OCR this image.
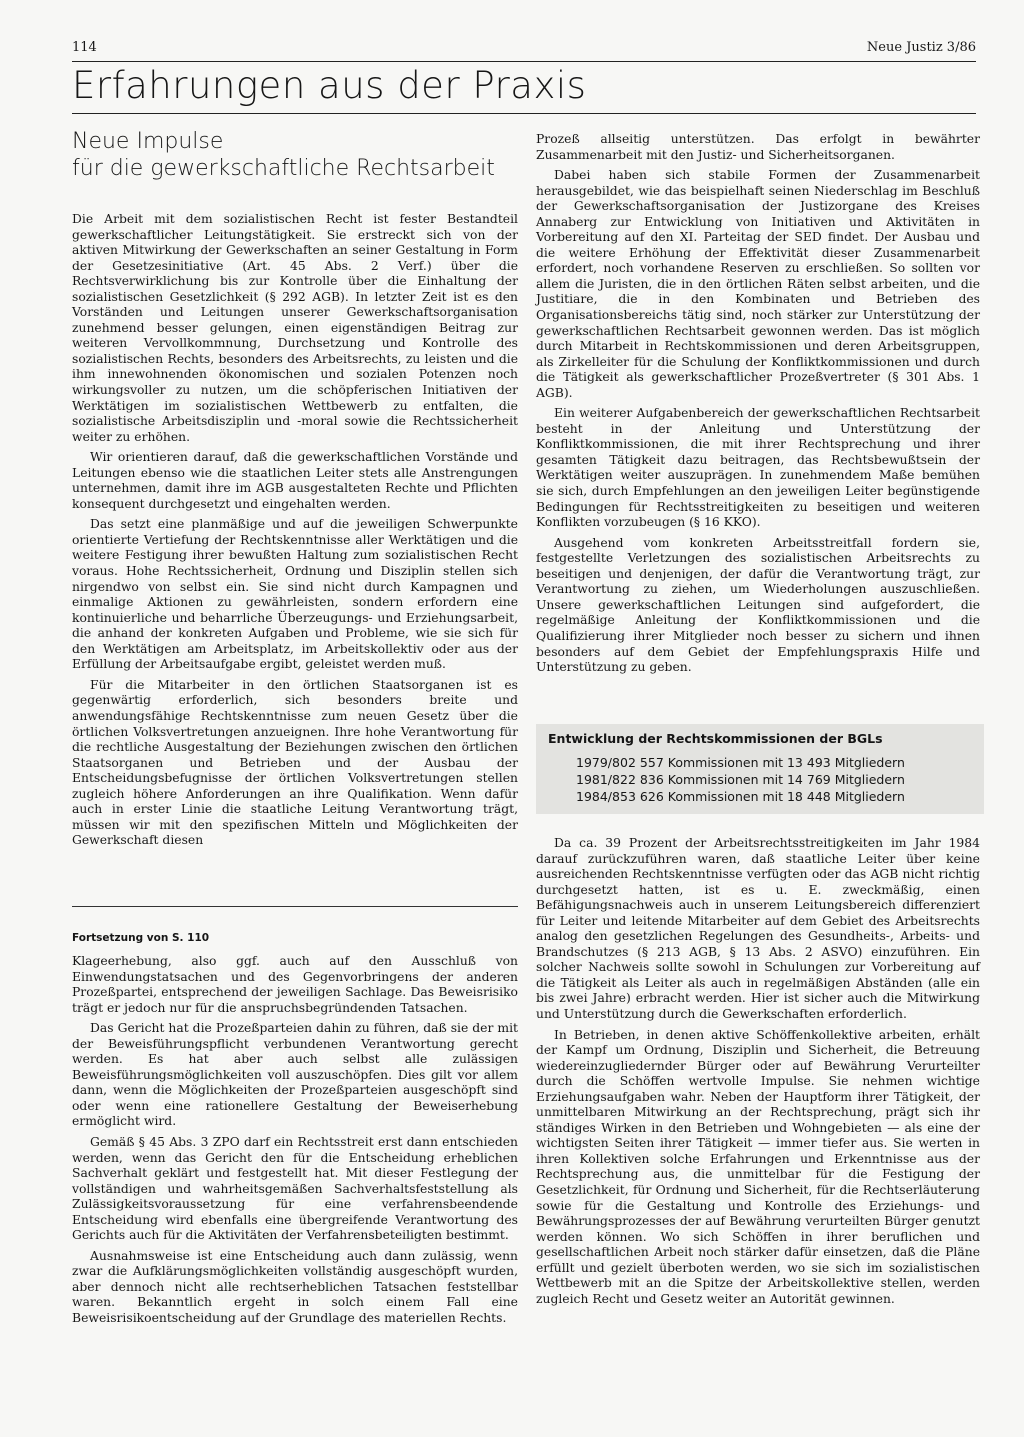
114	Neue Justiz 3/86
Erfahrungen aus der Praxis
Neue Impulse
für die gewerkschaftliche Rechtsarbeit

Die Arbeit mit dem sozialistischen Recht ist fester Bestandteil gewerkschaftlicher Leitungstätigkeit. Sie erstreckt sich von der aktiven Mitwirkung der Gewerkschaften an seiner Gestaltung in Form der Gesetzesinitiative (Art. 45 Abs. 2 Verf.) über die Rechtsverwirklichung bis zur Kontrolle über die Einhaltung der sozialistischen Gesetzlichkeit (§ 292 AGB). In letzter Zeit ist es den Vorständen und Leitungen unserer Gewerkschaftsorganisation zunehmend besser gelungen, einen eigenständigen Beitrag zur weiteren Vervollkommnung, Durchsetzung und Kontrolle des sozialistischen Rechts, besonders des Arbeitsrechts, zu leisten und die ihm innewohnenden ökonomischen und sozialen Potenzen noch wirkungsvoller zu nutzen, um die schöpferischen Initiativen der Werktätigen im sozialistischen Wettbewerb zu entfalten, die sozialistische Arbeitsdisziplin und -moral sowie die Rechtssicherheit weiter zu erhöhen.

Wir orientieren darauf, daß die gewerkschaftlichen Vorstände und Leitungen ebenso wie die staatlichen Leiter stets alle Anstrengungen unternehmen, damit ihre im AGB ausgestalteten Rechte und Pflichten konsequent durchgesetzt und eingehalten werden.

Das setzt eine planmäßige und auf die jeweiligen Schwerpunkte orientierte Vertiefung der Rechtskenntnisse aller Werktätigen und die weitere Festigung ihrer bewußten Haltung zum sozialistischen Recht voraus. Hohe Rechtssicherheit, Ordnung und Disziplin stellen sich nirgendwo von selbst ein. Sie sind nicht durch Kampagnen und einmalige Aktionen zu gewährleisten, sondern erfordern eine kontinuierliche und beharrliche Überzeugungs- und Erziehungsarbeit, die anhand der konkreten Aufgaben und Probleme, wie sie sich für den Werktätigen am Arbeitsplatz, im Arbeitskollektiv oder aus der Erfüllung der Arbeitsaufgabe ergibt, geleistet werden muß.

Für die Mitarbeiter in den örtlichen Staatsorganen ist es gegenwärtig erforderlich, sich besonders breite und anwendungsfähige Rechtskenntnisse zum neuen Gesetz über die örtlichen Volksvertretungen anzueignen. Ihre hohe Verantwortung für die rechtliche Ausgestaltung der Beziehungen zwischen den örtlichen Staatsorganen und Betrieben und der Ausbau der Entscheidungsbefugnisse der örtlichen Volksvertretungen stellen zugleich höhere Anforderungen an ihre Qualifikation. Wenn dafür auch in erster Linie die staatliche Leitung Verantwortung trägt, müssen wir mit den spezifischen Mitteln und Möglichkeiten der Gewerkschaft diesen

Fortsetzung von S. 110

Klageerhebung, also ggf. auch auf den Ausschluß von Einwendungstatsachen und des Gegenvorbringens der anderen Prozeßpartei, entsprechend der jeweiligen Sachlage. Das Beweisrisiko trägt er jedoch nur für die anspruchsbegründenden Tatsachen.

Das Gericht hat die Prozeßparteien dahin zu führen, daß sie der mit der Beweisführungspflicht verbundenen Verantwortung gerecht werden. Es hat aber auch selbst alle zulässigen Beweisführungsmöglichkeiten voll auszuschöpfen. Dies gilt vor allem dann, wenn die Möglichkeiten der Prozeßparteien ausgeschöpft sind oder wenn eine rationellere Gestaltung der Beweiserhebung ermöglicht wird.

Gemäß § 45 Abs. 3 ZPO darf ein Rechtsstreit erst dann entschieden werden, wenn das Gericht den für die Entscheidung erheblichen Sachverhalt geklärt und festgestellt hat. Mit dieser Festlegung der vollständigen und wahrheitsgemäßen Sachverhaltsfeststellung als Zulässigkeitsvoraussetzung für eine verfahrensbeendende Entscheidung wird ebenfalls eine übergreifende Verantwortung des Gerichts auch für die Aktivitäten der Verfahrensbeteiligten bestimmt.

Ausnahmsweise ist eine Entscheidung auch dann zulässig, wenn zwar die Aufklärungsmöglichkeiten vollständig ausgeschöpft wurden, aber dennoch nicht alle rechtserheblichen Tatsachen feststellbar waren. Bekanntlich ergeht in solch einem Fall eine Beweisrisikoentscheidung auf der Grundlage des materiellen Rechts.

Prozeß allseitig unterstützen. Das erfolgt in bewährter Zusammenarbeit mit den Justiz- und Sicherheitsorganen.

Dabei haben sich stabile Formen der Zusammenarbeit herausgebildet, wie das beispielhaft seinen Niederschlag im Beschluß der Gewerkschaftsorganisation der Justizorgane des Kreises Annaberg zur Entwicklung von Initiativen und Aktivitäten in Vorbereitung auf den XI. Parteitag der SED findet. Der Ausbau und die weitere Erhöhung der Effektivität dieser Zusammenarbeit erfordert, noch vorhandene Reserven zu erschließen. So sollten vor allem die Juristen, die in den örtlichen Räten selbst arbeiten, und die Justitiare, die in den Kombinaten und Betrieben des Organisationsbereichs tätig sind, noch stärker zur Unterstützung der gewerkschaftlichen Rechtsarbeit gewonnen werden. Das ist möglich durch Mitarbeit in Rechtskommissionen und deren Arbeitsgruppen, als Zirkelleiter für die Schulung der Konfliktkommissionen und durch die Tätigkeit als gewerkschaftlicher Prozeßvertreter (§ 301 Abs. 1 AGB).

Ein weiterer Aufgabenbereich der gewerkschaftlichen Rechtsarbeit besteht in der Anleitung und Unterstützung der Konfliktkommissionen, die mit ihrer Rechtsprechung und ihrer gesamten Tätigkeit dazu beitragen, das Rechtsbewußtsein der Werktätigen weiter auszuprägen. In zunehmendem Maße bemühen sie sich, durch Empfehlungen an den jeweiligen Leiter begünstigende Bedingungen für Rechtsstreitigkeiten zu beseitigen und weiteren Konflikten vorzubeugen (§ 16 KKO).

Ausgehend vom konkreten Arbeitsstreitfall fordern sie, festgestellte Verletzungen des sozialistischen Arbeitsrechts zu beseitigen und denjenigen, der dafür die Verantwortung trägt, zur Verantwortung zu ziehen, um Wiederholungen auszuschließen. Unsere gewerkschaftlichen Leitungen sind aufgefordert, die regelmäßige Anleitung der Konfliktkommissionen und die Qualifizierung ihrer Mitglieder noch besser zu sichern und ihnen besonders auf dem Gebiet der Empfehlungspraxis Hilfe und Unterstützung zu geben.

Entwicklung der Rechtskommissionen der BGLs
1979/80 2 557 Kommissionen mit 13 493 Mitgliedern
1981/82 2 836 Kommissionen mit 14 769 Mitgliedern
1984/85 3 626 Kommissionen mit 18 448 Mitgliedern

Da ca. 39 Prozent der Arbeitsrechtsstreitigkeiten im Jahr 1984 darauf zurückzuführen waren, daß staatliche Leiter über keine ausreichenden Rechtskenntnisse verfügten oder das AGB nicht richtig durchgesetzt hatten, ist es u. E. zweckmäßig, einen Befähigungsnachweis auch in unserem Leitungsbereich differenziert für Leiter und leitende Mitarbeiter auf dem Gebiet des Arbeitsrechts analog den gesetzlichen Regelungen des Gesundheits-, Arbeits- und Brandschutzes (§ 213 AGB, § 13 Abs. 2 ASVO) einzuführen. Ein solcher Nachweis sollte sowohl in Schulungen zur Vorbereitung auf die Tätigkeit als Leiter als auch in regelmäßigen Abständen (alle ein bis zwei Jahre) erbracht werden. Hier ist sicher auch die Mitwirkung und Unterstützung durch die Gewerkschaften erforderlich.

In Betrieben, in denen aktive Schöffenkollektive arbeiten, erhält der Kampf um Ordnung, Disziplin und Sicherheit, die Betreuung wiedereinzugliedernder Bürger oder auf Bewährung Verurteilter durch die Schöffen wertvolle Impulse. Sie nehmen wichtige Erziehungsaufgaben wahr. Neben der Hauptform ihrer Tätigkeit, der unmittelbaren Mitwirkung an der Rechtsprechung, prägt sich ihr ständiges Wirken in den Betrieben und Wohngebieten — als eine der wichtigsten Seiten ihrer Tätigkeit — immer tiefer aus. Sie werten in ihren Kollektiven solche Erfahrungen und Erkenntnisse aus der Rechtsprechung aus, die unmittelbar für die Festigung der Gesetzlichkeit, für Ordnung und Sicherheit, für die Rechtserläuterung sowie für die Gestaltung und Kontrolle des Erziehungs- und Bewährungsprozesses der auf Bewährung verurteilten Bürger genutzt werden können. Wo sich Schöffen in ihrer beruflichen und gesellschaftlichen Arbeit noch stärker dafür einsetzen, daß die Pläne erfüllt und gezielt überboten werden, wo sie sich im sozialistischen Wettbewerb mit an die Spitze der Arbeitskollektive stellen, werden zugleich Recht und Gesetz weiter an Autorität gewinnen.
